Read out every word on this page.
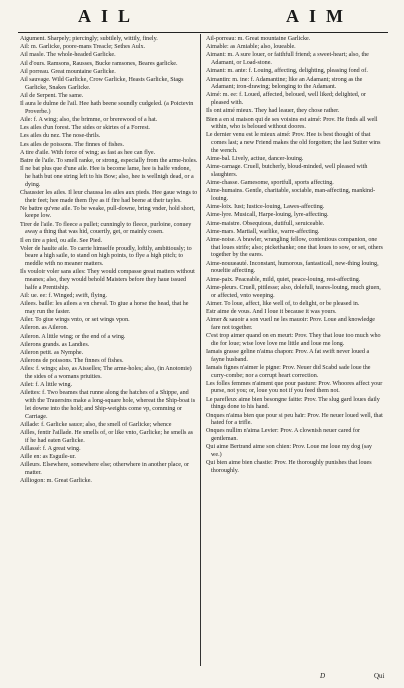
AIL	AIM
Aigument. Sharpely; piercingly; subtilely, wittily, finely.
Ail: m. Garlicke, poore-mans Treacle; Sethes Aulx.
Ail masle. The whole-headed Garlicke.
Ail d'ours. Ramsons, Rausses, Bucke ramsones, Beares garlicke.
Ail porreau. Great mountaine Garlicke.
Ail sauvage. Wild Garlicke, Crow Garlicke, Heasts Garlicke, Stags Garlicke, Snakes Garlicke.
Ail de Serpent. The same.
Il aura le dulme de l'ail. Hee hath beene soundly cudgeled. (a Poictevin Proverbe.)
Aile: f. A wing; also, the brimme, or brerewood of a hat.
Les ailes d'un forest. The sides or skirtes of a Forrest.
Les ailes du nez. The nose-thrils.
Les ailes de poissons. The finnes of fishes.
A tire d'aile. With force of wing; as fast as hee can flye.
Batre de l'aile. To smell ranke, or strong, especially from the arme-holes.
Il ne bat plus que d'une aile. Hee is become lame, hee is halfe vndone, he hath but one string left to his Bow; also, hee is wellnigh dead, or a dying.
Chaussier les ailes. Il leur chaussa les ailes aux pieds. Hee gaue wings to their feet; hee made them flye as if fire had beene at their tayles.
Ne battre qu'vne aile. To be weake, pull-downe, bring vnder, hold short, keepe low.
Tirer de l'aile. To fleece a pullet; cunningly to fleece, purloine, conuey away a thing that was hid, couertly, get, or mainly cosen.
Il en tire a pied, ou aile. See Pied.
Voler de haulte aile. To carrie himselfe proudly, loftily, ambitiously; to beare a high saile, to stand on high points, to flye a high pitch; to meddle with no meaner matters.
Ils vouloir voler sans ailes: They would compasse great matters without meanes; also, they would behold Maisters before they haue issued halfe a Prentiship.
Ail: ue. ee: f. Winged; swift, flying.
Ailees. baille: les ailees a vn cheval. To giue a horse the head, that he may run the faster.
Ailer. To giue wings vnto, or set wings vpon.
Aileron. as Aileron.
Aileron. A little wing; or the end of a wing.
Ailerons grands. as Landies.
Aileron petit. as Nymphe.
Ailerons de poissons. The finnes of fishes.
Ailes: f. wings; also, as Aisselles; The arme-holes; also, (in Anotomie) the sides of a womans priuities.
Ailet: f. A little wing.
Ailettes: f. Two beames that runne along the hatches of a Shippe, and with the Trauersins make a long-square hole, whereat the Ship-boat is let downe into the hold; and Ship-weights come vp, comming or Carriage.
Aillade: f. Garlicke sauce; also, the smell of Garlicke; whence
Ailles, fentir l'aillade. He smells of, or like vnto, Garlicke; he smells as if he had eaten Garlicke.
Aillassé: f. A great wing.
Aille en: as Esguile-ur.
Ailleurs. Elsewhere, somewhere else; otherwhere in another place, or matter.
Ailliogon: m. Great Garlicke.
Ail-porreau: m. Great mountaine Garlicke.
Aimable: as Amiable; also, loueable.
Aimant: m. A sure louer, or faithfull friend; a sweet-heart; also, the Adamant, or Load-stone.
Aimant: m. ante: f. Louing, affecting, delighting, pleasing fond of.
Aimantin: m. ine: f. Adamantine; like an Adamant; strong as the Adamant; iron-drawing; belonging to the Adamant.
Aimé: m. ee: f. Loued, affected, beloued, well liked; delighted, or pleased with.
Ils ont aimé mieux. They had leauer, they chose rather.
Bien a en si maison qui de ses voisins est aimé: Prov. He finds all well within, who is beloued without doores.
Le dernier venu est le mieux aimé: Prov. Hee is best thought of that comes last; a new Friend makes the old forgotten; the last Suiter wins the wench.
Aime-bal. Lively, actiue, dancer-louing.
Aime-carnage. Cruell, butcherly, bloud-minded, well pleased with slaughters.
Aime-chasse. Gamesome, sportfull, sports affecting.
Aime-humains. Gentle, charitable, sociable, man-affecting, mankind-louing.
Aime-loix. Iust; Iustice-louing, Lawes-affecting.
Aime-lyre. Musicall, Harpe-louing, lyre-affecting.
Aime-maistre. Obsequious, dutifull, seruiceable.
Aime-mars. Martiall, warlike, warre-affecting.
Aime-noise. A brawler, wrangling fellow, contentious companion, one that loues strife; also; pickethanke; one that loues to sow, or set, others together by the eares.
Aime-nouueauté. Inconstant, humorous, fantasticall, new-thing louing, noueltie affecting.
Aime-paix. Peaceable, mild, quiet, peace-louing, rest-affecting.
Aime-pleurs. Cruell, pitilesse; also, dolefull, teares-louing, much giuen, or affected, vnto weeping.
Aimer. To loue, affect, like well of, to delight, or be pleased in.
Estr aime de vous. And I loue it because it was yours.
Aimer & sauoir a son vueil ne les mauoir: Prov. Loue and knowledge fare not together.
C'est trop aimer quand on en meurt: Prov. They that loue too much who die for loue; wise love love me little and loue me long.
Iamais grasse geline n'aima chapon: Prov. A fat swift never loued a fayne husband.
Iamais fignes n'aimer le pigne: Prov. Neuer did Scabd sade loue the curry-combe; nor a corrupt heart correction.
Les folles femmes n'aiment que pour pasture: Prov. Whoores affect your purse, not you; or, loue you not if you feed them not.
Le parefleux aime bien besongne faitte: Prov. The slug gard loues daily things done to his hand.
Onques n'aima bien que pour si peu haïr: Prov. He neuer loued well, that hated for a trifle.
Onques nullim n'aima Levier: Prov. A clownish neuer cared for gentleman.
Qui aime Bertrand aime son chien: Prov. Loue me loue my dog (say we.)
Qui bien aime bien chastie: Prov. He thoroughly punishes that loues thoroughly.
D	Qui
